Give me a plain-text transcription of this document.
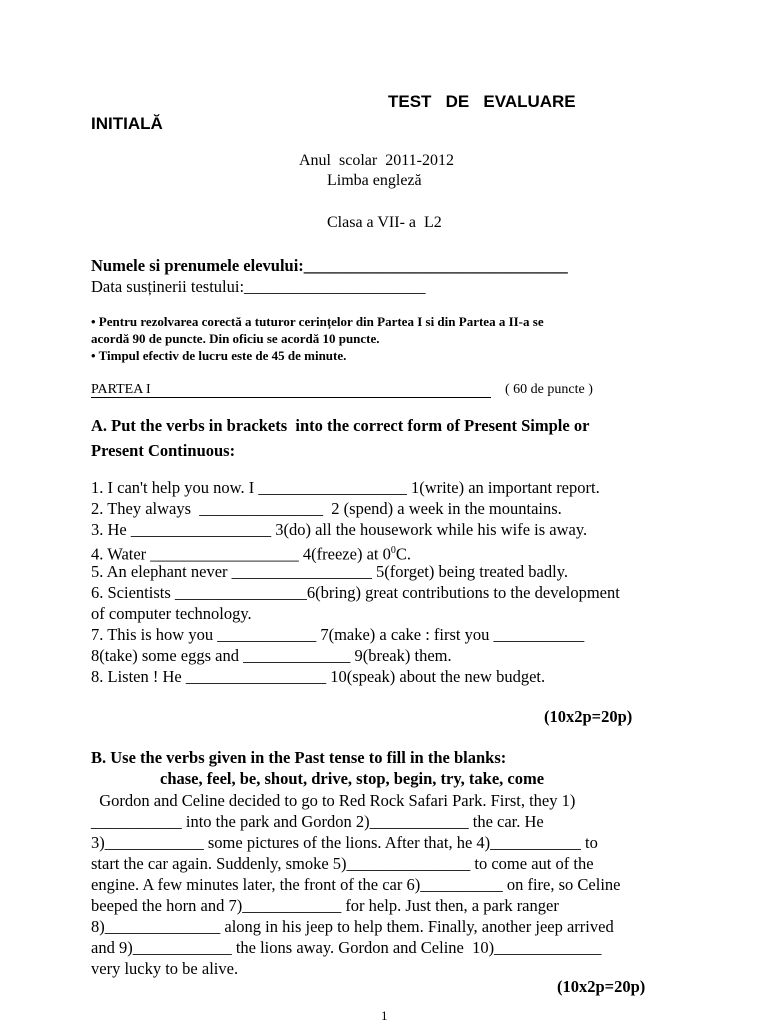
TEST   DE   EVALUARE
INITIALĂ
Anul  scolar  2011-2012
Limba engleză
Clasa a VII- a  L2
Numele si prenumele elevului:________________________________
Data susținerii testului:______________________
• Pentru rezolvarea corectă a tuturor cerințelor din Partea I si din Partea a II-a se
acordă 90 de puncte. Din oficiu se acordă 10 puncte.
• Timpul efectiv de lucru este de 45 de minute.
PARTEA I	( 60 de puncte )
A. Put the verbs in brackets  into the correct form of Present Simple or
Present Continuous:
1. I can't help you now. I __________________ 1(write) an important report.
2. They always  _______________  2 (spend) a week in the mountains.
3. He _________________ 3(do) all the housework while his wife is away.
4. Water __________________ 4(freeze) at $0^0C$.
5. An elephant never _________________ 5(forget) being treated badly.
6. Scientists ________________6(bring) great contributions to the development
of computer technology.
7. This is how you ____________ 7(make) a cake : first you ___________
8(take) some eggs and _____________ 9(break) them.
8. Listen ! He _________________ 10(speak) about the new budget.
(10x2p=20p)
B. Use the verbs given in the Past tense to fill in the blanks:
chase, feel, be, shout, drive, stop, begin, try, take, come
Gordon and Celine decided to go to Red Rock Safari Park. First, they 1)
___________ into the park and Gordon 2)____________ the car. He
3)____________ some pictures of the lions. After that, he 4)___________ to
start the car again. Suddenly, smoke 5)_______________ to come aut of the
engine. A few minutes later, the front of the car 6)__________ on fire, so Celine
beeped the horn and 7)____________ for help. Just then, a park ranger
8)______________ along in his jeep to help them. Finally, another jeep arrived
and 9)____________ the lions away. Gordon and Celine  10)_____________
very lucky to be alive.
(10x2p=20p)
1
